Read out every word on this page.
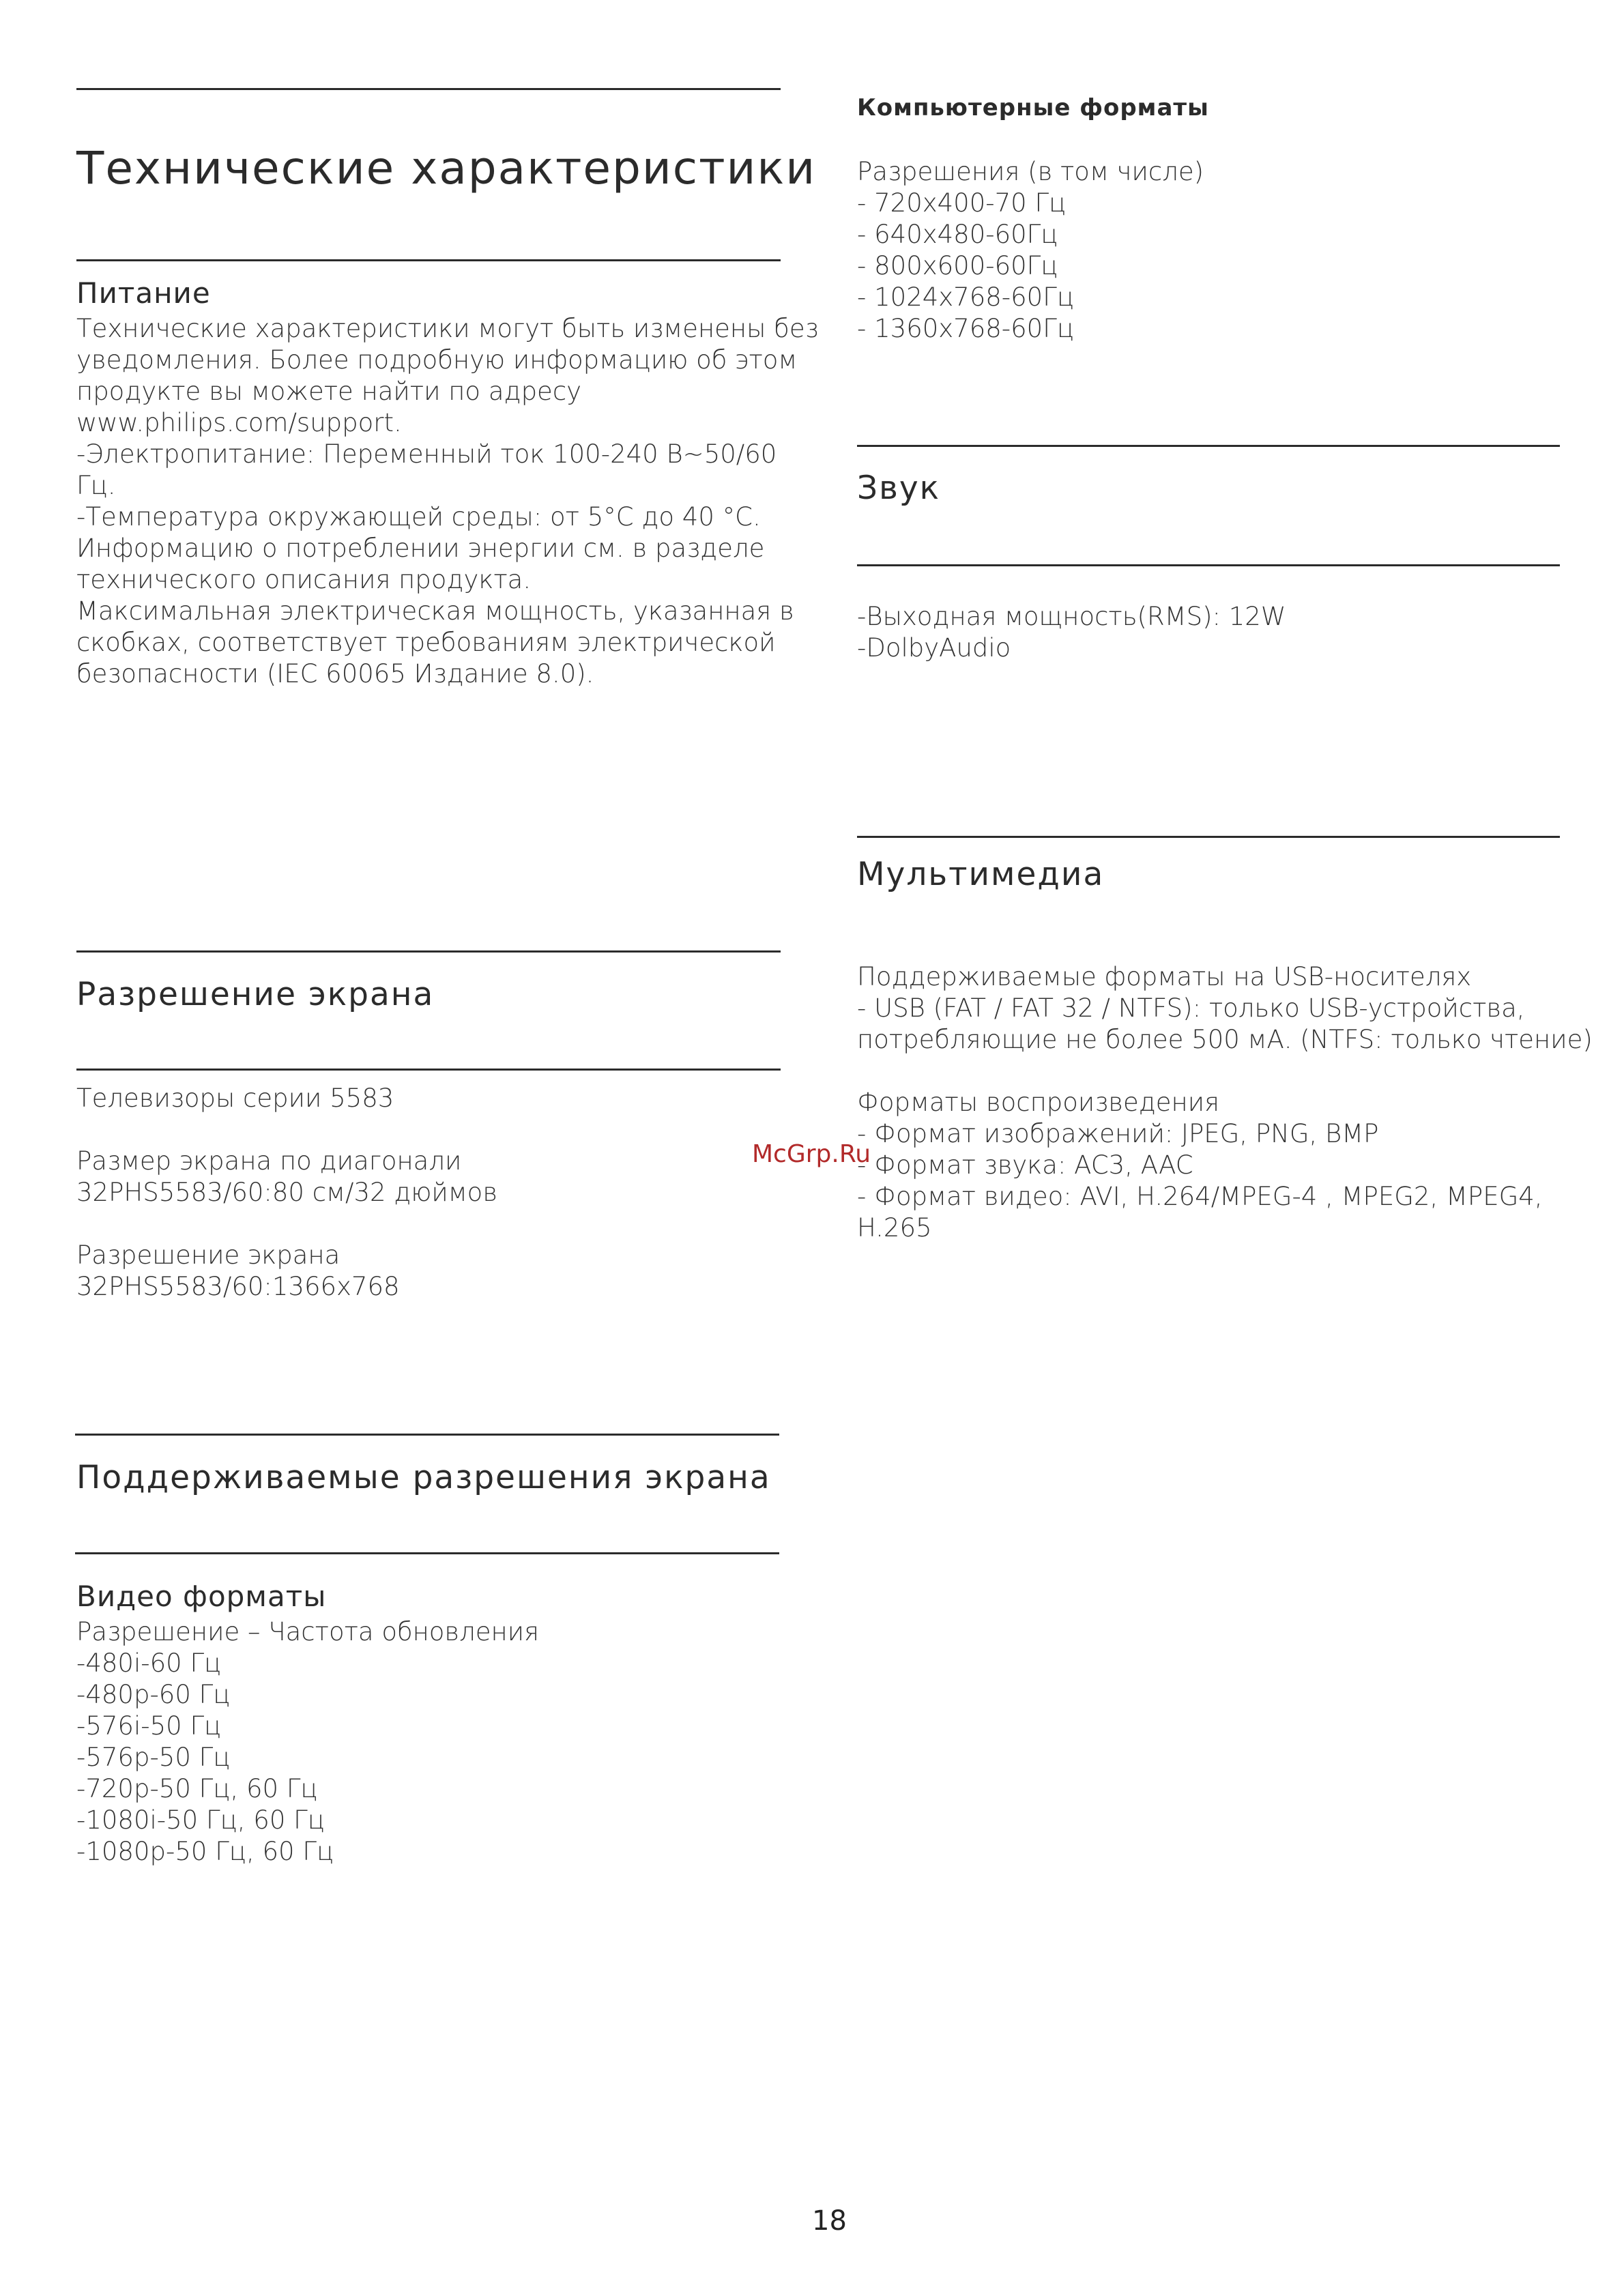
Технические характеристики
Питание
Технические характеристики могут быть изменены без
уведомления. Более подробную информацию об этом
продукте вы можете найти по адресу
www.philips.com/support.
-Электропитание: Переменный ток 100-240 В~50/60
Гц.
-Температура окружающей среды: от 5°C до 40 °C.
Информацию о потреблении энергии см. в разделе
технического описания продукта.
Максимальная электрическая мощность, указанная в
скобках, соответствует требованиям электрической
безопасности (IEC 60065 Издание 8.0).
Разрешение экрана
Телевизоры серии 5583
Размер экрана по диагонали
32PHS5583/60:80 см/32 дюймов
Разрешение экрана
32PHS5583/60:1366x768
Поддерживаемые разрешения экрана
Видео форматы
Разрешение – Частота обновления
-480i-60 Гц
-480p-60 Гц
-576i-50 Гц
-576p-50 Гц
-720p-50 Гц, 60 Гц
-1080i-50 Гц, 60 Гц
-1080p-50 Гц, 60 Гц
Компьютерные форматы
Разрешения (в том числе)
- 720x400-70 Гц
- 640x480-60Гц
- 800x600-60Гц
- 1024x768-60Гц
- 1360x768-60Гц
Звук
-Выходная мощность(RMS): 12W
-DolbyAudio
Мультимедиа
Поддерживаемые форматы на USB-носителях
- USB (FAT / FAT 32 / NTFS): только USB-устройства,
потребляющие не более 500 мА. (NTFS: только чтение)
Форматы воспроизведения
- Формат изображений: JPEG, PNG, BMP
- Формат звука: AC3, AAC
- Формат видео: AVI, H.264/MPEG-4 , MPEG2, MPEG4,
H.265
McGrp.Ru
18
